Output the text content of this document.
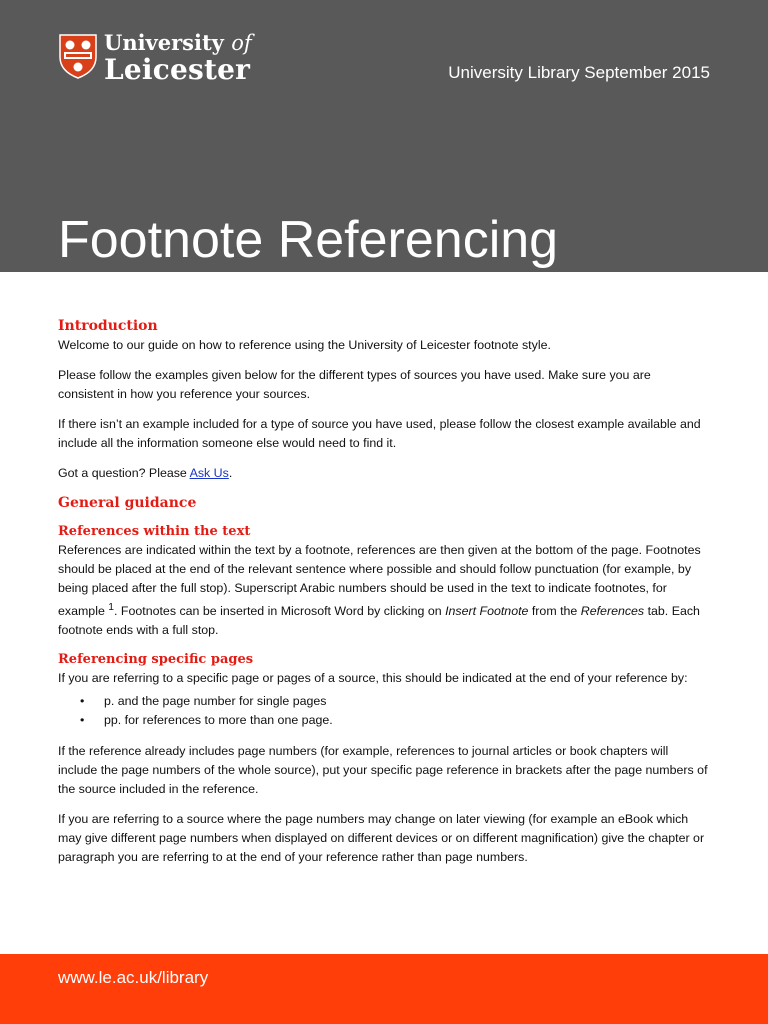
University of
Leicester	University Library September 2015
Footnote Referencing
Introduction

Welcome to our guide on how to reference using the University of Leicester footnote style.

Please follow the examples given below for the different types of sources you have used. Make sure you are consistent in how you reference your sources.

If there isn’t an example included for a type of source you have used, please follow the closest example available and include all the information someone else would need to find it.

Got a question? Please Ask Us.

General guidance
References within the text

References are indicated within the text by a footnote, references are then given at the bottom of the page. Footnotes should be placed at the end of the relevant sentence where possible and should follow punctuation (for example, by being placed after the full stop). Superscript Arabic numbers should be used in the text to indicate footnotes, for example $^1$. Footnotes can be inserted in Microsoft Word by clicking on Insert Footnote from the References tab. Each footnote ends with a full stop.

Referencing specific pages

If you are referring to a specific page or pages of a source, this should be indicated at the end of your reference by:

• p. and the page number for single pages
• pp. for references to more than one page.

If the reference already includes page numbers (for example, references to journal articles or book chapters will include the page numbers of the whole source), put your specific page reference in brackets after the page numbers of the source included in the reference.

If you are referring to a source where the page numbers may change on later viewing (for example an eBook which may give different page numbers when displayed on different devices or on different magnification) give the chapter or paragraph you are referring to at the end of your reference rather than page numbers.

www.le.ac.uk/library
